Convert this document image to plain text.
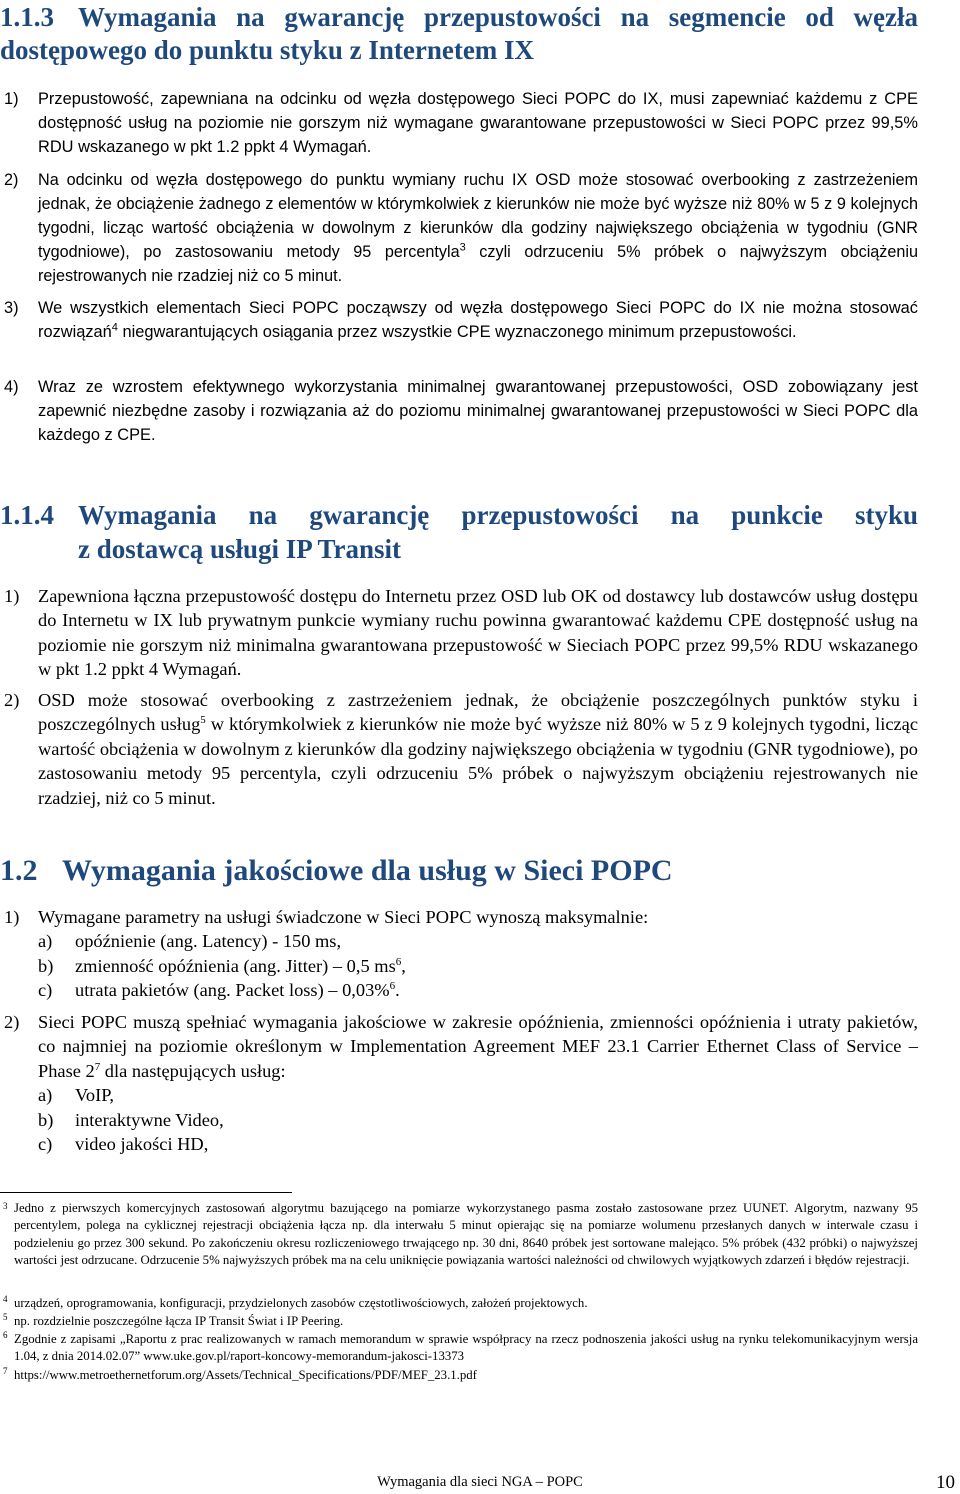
1.1.3 Wymagania na gwarancję przepustowości na segmencie od węzła dostępowego do punktu styku z Internetem IX
1)	Przepustowość, zapewniana na odcinku od węzła dostępowego Sieci POPC do IX, musi zapewniać każdemu z CPE dostępność usług na poziomie nie gorszym niż wymagane gwarantowane przepustowości w Sieci POPC przez 99,5% RDU wskazanego w pkt 1.2 ppkt 4 Wymagań.
2)	Na odcinku od węzła dostępowego do punktu wymiany ruchu IX OSD może stosować overbooking z zastrzeżeniem jednak, że obciążenie żadnego z elementów w którymkolwiek z kierunków nie może być wyższe niż 80% w 5 z 9 kolejnych tygodni, licząc wartość obciążenia w dowolnym z kierunków dla godziny największego obciążenia w tygodniu (GNR tygodniowe), po zastosowaniu metody 95 percentyla$^3$ czyli odrzuceniu 5% próbek o najwyższym obciążeniu rejestrowanych nie rzadziej niż co 5 minut.
3)	We wszystkich elementach Sieci POPC począwszy od węzła dostępowego Sieci POPC do IX nie można stosować rozwiązań$^4$ niegwarantujących osiągania przez wszystkie CPE wyznaczonego minimum przepustowości.
4)	Wraz ze wzrostem efektywnego wykorzystania minimalnej gwarantowanej przepustowości, OSD zobowiązany jest zapewnić niezbędne zasoby i rozwiązania aż do poziomu minimalnej gwarantowanej przepustowości w Sieci POPC dla każdego z CPE.
1.1.4 Wymagania na gwarancję przepustowości na punkcie styku
z dostawcą usługi IP Transit
1)	Zapewniona łączna przepustowość dostępu do Internetu przez OSD lub OK od dostawcy lub dostawców usług dostępu do Internetu w IX lub prywatnym punkcie wymiany ruchu powinna gwarantować każdemu CPE dostępność usług na poziomie nie gorszym niż minimalna gwarantowana przepustowość w Sieciach POPC przez 99,5% RDU wskazanego w pkt 1.2 ppkt 4 Wymagań.
2)	OSD może stosować overbooking z zastrzeżeniem jednak, że obciążenie poszczególnych punktów styku i poszczególnych usług$^5$ w którymkolwiek z kierunków nie może być wyższe niż 80% w 5 z 9 kolejnych tygodni, licząc wartość obciążenia w dowolnym z kierunków dla godziny największego obciążenia w tygodniu (GNR tygodniowe), po zastosowaniu metody 95 percentyla, czyli odrzuceniu 5% próbek o najwyższym obciążeniu rejestrowanych nie rzadziej, niż co 5 minut.
1.2 Wymagania jakościowe dla usług w Sieci POPC
1) Wymagane parametry na usługi świadczone w Sieci POPC wynoszą maksymalnie:
a) opóźnienie (ang. Latency) - 150 ms,
b) zmienność opóźnienia (ang. Jitter) – 0,5 $ms^6$,
c) utrata pakietów (ang. Packet loss) – 0,03%$^6$.
2) Sieci POPC muszą spełniać wymagania jakościowe w zakresie opóźnienia, zmienności opóźnienia i utraty pakietów, co najmniej na poziomie określonym w Implementation Agreement MEF 23.1 Carrier Ethernet Class of Service – Phase $2^7$ dla następujących usług:
a) VoIP,
b) interaktywne Video,
c) video jakości HD,
3 Jedno z pierwszych komercyjnych zastosowań algorytmu bazującego na pomiarze wykorzystanego pasma zostało zastosowane przez UUNET. Algorytm, nazwany 95 percentylem, polega na cyklicznej rejestracji obciążenia łącza np. dla interwału 5 minut opierając się na pomiarze wolumenu przesłanych danych w interwale czasu i podzieleniu go przez 300 sekund. Po zakończeniu okresu rozliczeniowego trwającego np. 30 dni, 8640 próbek jest sortowane malejąco. 5% próbek (432 próbki) o najwyższej wartości jest odrzucane. Odrzucenie 5% najwyższych próbek ma na celu uniknięcie powiązania wartości należności od chwilowych wyjątkowych zdarzeń i błędów rejestracji.
4 urządzeń, oprogramowania, konfiguracji, przydzielonych zasobów częstotliwościowych, założeń projektowych.
5 np. rozdzielnie poszczególne łącza IP Transit Świat i IP Peering.
6 Zgodnie z zapisami „Raportu z prac realizowanych w ramach memorandum w sprawie współpracy na rzecz podnoszenia jakości usług na rynku telekomunikacyjnym wersja 1.04, z dnia 2014.02.07” www.uke.gov.pl/raport-koncowy-memorandum-jakosci-13373
7 https://www.metroethernetforum.org/Assets/Technical_Specifications/PDF/MEF_23.1.pdf
Wymagania dla sieci NGA – POPC	10
